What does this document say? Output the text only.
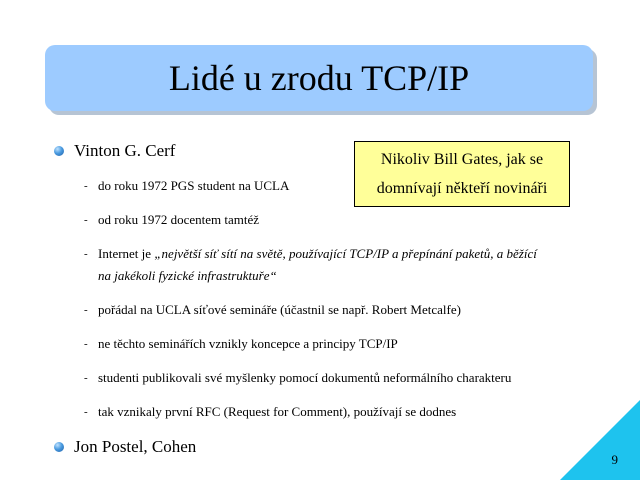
Lidé u zrodu TCP/IP
Vinton G. Cerf
- do roku 1972 PGS student na UCLA
- od roku 1972 docentem tamtéž
- Internet je „největší síť sítí na světě, používající TCP/IP a přepínání paketů, a běžící
na jakékoli fyzické infrastruktuře“
- pořádal na UCLA síťové semináře (účastnil se např. Robert Metcalfe)
- ne těchto seminářích vznikly koncepce a principy TCP/IP
- studenti publikovali své myšlenky pomocí dokumentů neformálního charakteru
- tak vznikaly první RFC (Request for Comment), používají se dodnes
Jon Postel, Cohen
Nikoliv Bill Gates, jak se
domnívají někteří novináři
9
